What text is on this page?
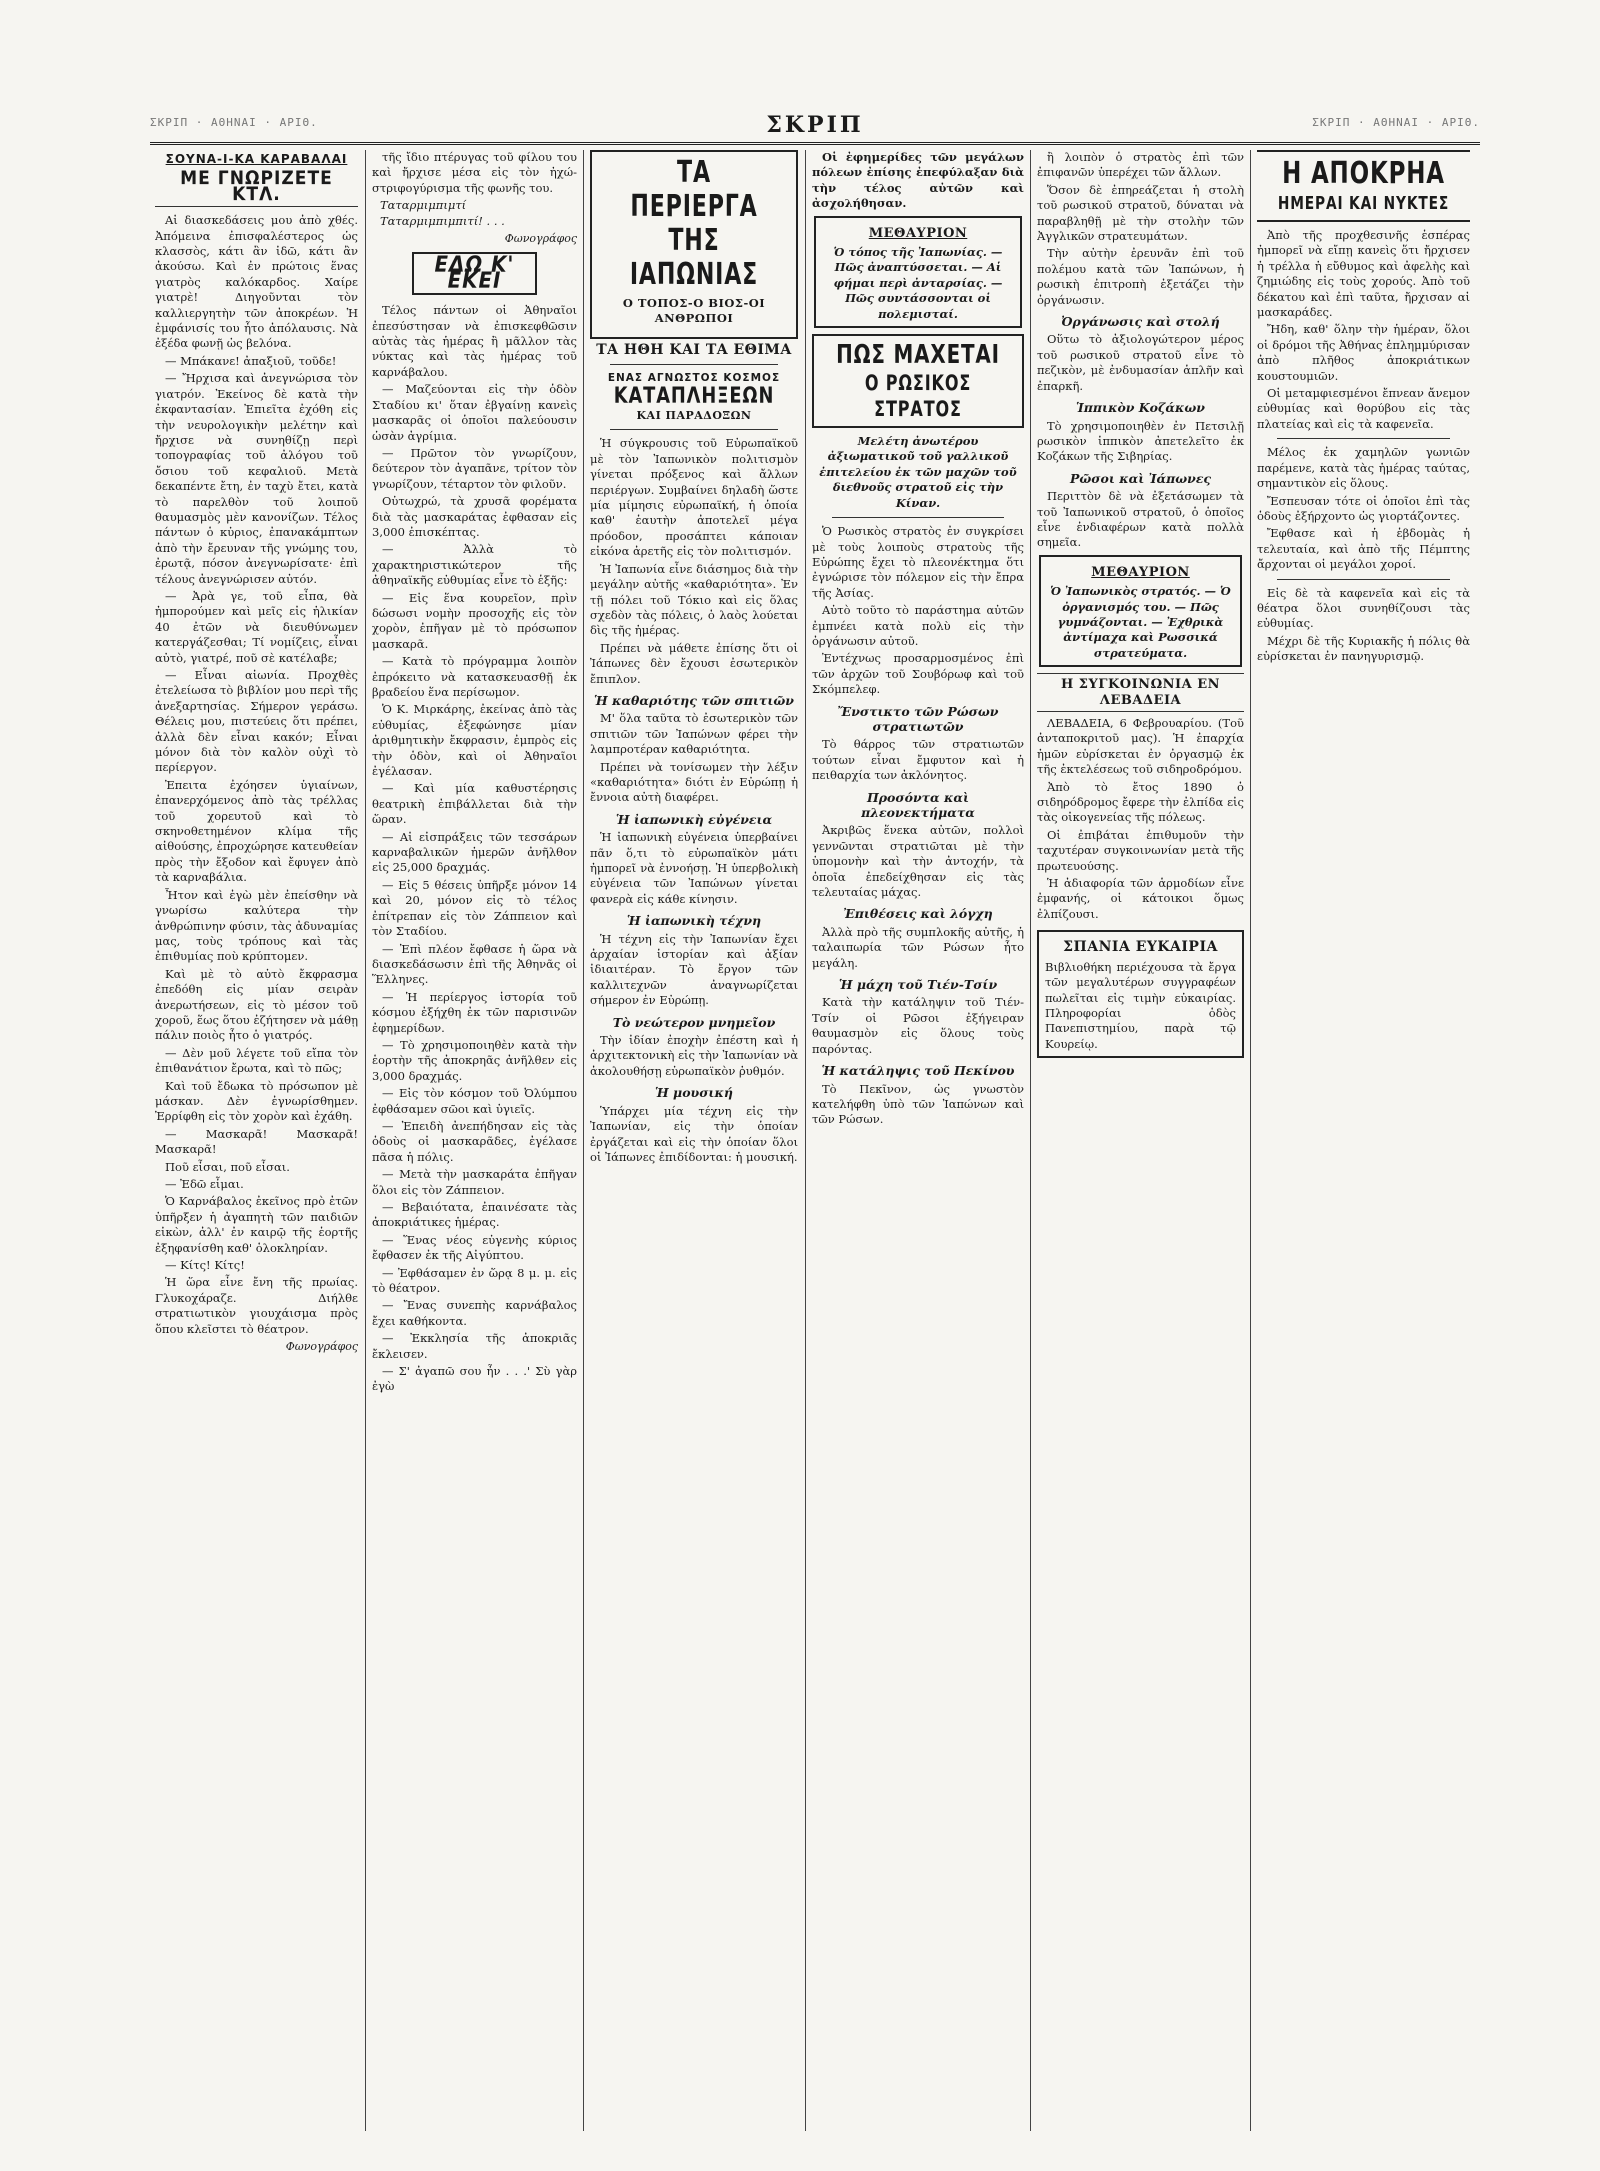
ΣΚΡΙΠ · ΑΘΗΝΑΙ · ΑΡΙΘ.	ΣΚΡΙΠ	ΣΚΡΙΠ · ΑΘΗΝΑΙ · ΑΡΙΘ.
ΣΟΥΝΑ-Ι-ΚΑ ΚΑΡΑΒΑΛΑΙ
ΜΕ ΓΝΩΡΙΖΕΤΕ ΚΤΛ.

Αἱ διασκεδάσεις μου ἀπὸ χθές. Ἀπόμεινα ἐπισφαλέστερος ὡς κλασσὸς, κάτι ἂν ἰδῶ, κάτι ἂν ἀκούσω. Καὶ ἐν πρώτοις ἕνας γιατρὸς καλόκαρδος. Χαίρε γιατρὲ! Διηγοῦνται τὸν καλλιεργητὴν τῶν ἀποκρέων. Ἡ ἐμφάνισίς του ἦτο ἀπόλαυσις. Νὰ ἐξέδα φωνῇ ὡς βελόνα.

— Μπάκανε! ἀπαξιοῦ, τοῦδε!

— Ἤρχισα καὶ ἀνεγνώρισα τὸν γιατρόν. Ἐκείνος δὲ κατὰ τὴν ἐκφαντασίαν. Ἐπιεῖτα ἐχόθη εἰς τὴν νευρολογικὴν μελέτην καὶ ἤρχισε νὰ συνηθίζῃ περὶ τοπογραφίας τοῦ ἀλόγου τοῦ ὄσιου τοῦ κεφαλιοῦ. Μετὰ δεκαπέντε ἔτη, ἐν ταχὺ ἔτει, κατὰ τὸ παρελθὸν τοῦ λοιποῦ θαυμασμὸς μὲν κανονίζων. Τέλος πάντων ὁ κὐριος, ἐπανακάμπτων ἀπὸ τὴν ἔρευναν τῆς γνώμης του, ἐρωτᾷ, πόσον ἀνεγνωρίσατε· ἐπὶ τέλους ἀνεγνώρισεν αὐτόν.

— Ἀρὰ γε, τοῦ εἶπα, θὰ ἠμπορούμεν καὶ μεῖς εἰς ἡλικίαν 40 ἐτῶν νὰ διευθύνωμεν κατεργάζεσθαι; Τί νομίζεις, εἶναι αὐτὸ, γιατρέ, ποῦ σὲ κατέλαβε;

— Εἶναι αἰωνία. Προχθὲς ἐτελείωσα τὸ βιβλίον μου περὶ τῆς ἀνεξαρτησίας. Σήμερον γεράσω. Θέλεις μου, πιστεύεις ὅτι πρέπει, ἀλλὰ δὲν εἶναι κακόν; Εἶναι μόνον διὰ τὸν καλὸν οὐχὶ τὸ περίεργον.

Ἐπειτα ἐχόησεν ὑγιαίνων, ἐπανερχόμενος ἀπὸ τὰς τρέλλας τοῦ χορευτοῦ καὶ τὸ σκηνοθετημένον κλίμα τῆς αἰθούσης, ἐπροχώρησε κατευθείαν πρὸς τὴν ἔξοδον καὶ ἔφυγεν ἀπὸ τὰ καρναβάλια.

Ἦτον καὶ ἐγὼ μὲν ἐπείσθην νὰ γνωρίσω καλύτερα τὴν ἀνθρώπινην φύσιν, τὰς ἀδυναμίας μας, τοὺς τρόπους καὶ τὰς ἐπιθυμίας ποὺ κρύπτομεν.

Καὶ μὲ τὸ αὐτὸ ἔκφρασμα ἐπεδόθη εἰς μίαν σειρὰν ἀνερωτήσεων, εἰς τὸ μέσον τοῦ χοροῦ, ἕως ὅτου ἐζήτησεν νὰ μάθῃ πάλιν ποιὸς ἦτο ὁ γιατρός.

— Δὲν μοῦ λέγετε τοῦ εἴπα τὸν ἐπιθανάτιον ἔρωτα, καὶ τὸ πῶς;

Καὶ τοῦ ἔδωκα τὸ πρόσωπον μὲ μάσκαν. Δὲν ἐγνωρίσθημεν. Ἐρρίφθη εἰς τὸν χορὸν καὶ ἐχάθη.

— Μασκαρᾶ! Μασκαρᾶ! Μασκαρᾶ!

Ποῦ εἶσαι, ποῦ εἶσαι.

— Ἐδῶ εἶμαι.

Ὁ Καρνάβαλος ἐκεῖνος πρὸ ἐτῶν ὑπῆρξεν ἡ ἀγαπητὴ τῶν παιδιῶν εἰκὼν, ἀλλ' ἐν καιρῷ τῆς ἑορτῆς ἐξηφανίσθη καθ' ὁλοκληρίαν.

— Κίτς! Κίτς!

Ἡ ὥρα εἶνε ἔνη τῆς πρωίας. Γλυκοχάραζε. Διήλθε στρατιωτικὸν γιουχάισμα πρὸς ὅπου κλεῖστει τὸ θέατρον.

Φωνογράφος

τῆς ἴδιο πτέρυγας τοῦ φίλου του καὶ ἤρχισε μέσα εἰς τὸν ἠχώ-στριφογύρισμα τῆς φωνῆς του.

Ταταρμιμπιμτί
Ταταρμιμπιμπιτί! . . .
Φωνογράφος
ΕΔΩ Κ' ΕΚΕΙ

Τέλος πάντων οἱ Ἀθηναῖοι ἐπεσύστησαν νὰ ἐπισκεφθῶσιν αὐτὰς τὰς ἡμέρας ἢ μᾶλλον τὰς νύκτας καὶ τὰς ἡμέρας τοῦ καρνάβαλου.

— Μαζεύονται εἰς τὴν ὁδὸν Σταδίου κι' ὅταν ἐβγαίνῃ κανεὶς μασκαρᾶς οἱ ὁποῖοι παλεύουσιν ὡσὰν ἀγρίμια.

— Πρῶτον τὸν γνωρίζουν, δεύτερον τὸν ἀγαπᾶνε, τρίτον τὸν γνωρίζουν, τέταρτον τὸν φιλοῦν.

Οὐτωχρώ, τὰ χρυσᾶ φορέματα διὰ τὰς μασκαράτας ἐφθασαν εἰς 3,000 ἐπισκέπτας.

— Ἀλλὰ τὸ χαρακτηριστικώτερον τῆς ἀθηναϊκῆς εὐθυμίας εἶνε τὸ ἑξῆς:

— Εἰς ἕνα κουρεῖον, πρὶν δώσωσι νομὴν προσοχῆς εἰς τὸν χορὸν, ἐπῆγαν μὲ τὸ πρόσωπον μασκαρᾶ.

— Κατὰ τὸ πρόγραμμα λοιπὸν ἐπρόκειτο νὰ κατασκευασθῇ ἐκ βραδείου ἕνα περίσωμον.

Ὁ Κ. Μιρκάρης, ἐκείνας ἀπὸ τὰς εὐθυμίας, ἐξεφώνησε μίαν ἀριθμητικὴν ἔκφρασιν, ἐμπρὸς εἰς τὴν ὁδὸν, καὶ οἱ Ἀθηναῖοι ἐγέλασαν.

— Καὶ μία καθυστέρησις θεατρικὴ ἐπιβάλλεται διὰ τὴν ὥραν.

— Αἱ εἰσπράξεις τῶν τεσσάρων καρναβαλικῶν ἡμερῶν ἀνῆλθον εἰς 25,000 δραχμάς.

— Εἰς 5 θέσεις ὑπῆρξε μόνον 14 καὶ 20, μόνον εἰς τὸ τέλος ἐπίτρεπαν εἰς τὸν Ζάππειον καὶ τὸν Σταδίου.

— Ἐπὶ πλέον ἔφθασε ἡ ὥρα νὰ διασκεδάσωσιν ἐπὶ τῆς Ἀθηνᾶς οἱ Ἕλληνες.

— Ἡ περίεργος ἱστορία τοῦ κόσμου ἐξήχθη ἐκ τῶν παρισινῶν ἐφημερίδων.

— Τὸ χρησιμοποιηθὲν κατὰ τὴν ἑορτὴν τῆς ἀποκρηᾶς ἀνῆλθεν εἰς 3,000 δραχμάς.

— Εἰς τὸν κόσμον τοῦ Ὀλύμπου ἐφθάσαμεν σῶοι καὶ ὑγιεῖς.

— Ἐπειδὴ ἀνεπήδησαν εἰς τὰς ὁδοὺς οἱ μασκαρᾶδες, ἐγέλασε πᾶσα ἡ πόλις.

— Μετὰ τὴν μασκαράτα ἐπῆγαν ὅλοι εἰς τὸν Ζάππειον.

— Βεβαιότατα, ἐπαινέσατε τὰς ἀποκριάτικες ἡμέρας.

— Ἕνας νέος εὐγενὴς κύριος ἔφθασεν ἐκ τῆς Αἰγύπτου.

— Ἐφθάσαμεν ἐν ὥρᾳ 8 μ. μ. εἰς τὸ θέατρον.

— Ἔνας συνεπὴς καρνάβαλος ἔχει καθήκοντα.

— Ἐκκλησία τῆς ἀποκριᾶς ἔκλεισεν.

— Σ' ἀγαπῶ σου ἦν . . .' Σὺ γὰρ ἐγὼ

ΤΑ ΠΕΡΙΕΡΓΑ
ΤΗΣ ΙΑΠΩΝΙΑΣ
Ο ΤΟΠΟΣ-Ο ΒΙΟΣ-ΟΙ ΑΝΘΡΩΠΟΙ
ΤΑ ΗΘΗ ΚΑΙ ΤΑ ΕΘΙΜΑ
ΕΝΑΣ ΑΓΝΩΣΤΟΣ ΚΟΣΜΟΣ
ΚΑΤΑΠΛΗΞΕΩΝ
ΚΑΙ ΠΑΡΑΔΟΞΩΝ

Ἡ σύγκρουσις τοῦ Εὐρωπαϊκοῦ μὲ τὸν Ἰαπωνικὸν πολιτισμὸν γίνεται πρόξενος καὶ ἄλλων περιέργων. Συμβαίνει δηλαδὴ ὥστε μία μίμησις εὐρωπαϊκή, ἡ ὁποία καθ' ἑαυτὴν ἀποτελεῖ μέγα πρόοδον, προσάπτει κάποιαν εἰκόνα ἀρετῆς εἰς τὸν πολιτισμόν.

Ἡ Ἰαπωνία εἶνε διάσημος διὰ τὴν μεγάλην αὐτῆς «καθαριότητα». Ἐν τῇ πόλει τοῦ Τόκιο καὶ εἰς ὅλας σχεδὸν τὰς πόλεις, ὁ λαὸς λούεται δὶς τῆς ἡμέρας.

Πρέπει νὰ μάθετε ἐπίσης ὅτι οἱ Ἰάπωνες δὲν ἔχουσι ἐσωτερικὸν ἔπιπλον.

Ἡ καθαριότης τῶν σπιτιῶν

Μ' ὅλα ταῦτα τὸ ἐσωτερικὸν τῶν σπιτιῶν τῶν Ἰαπώνων φέρει τὴν λαμπροτέραν καθαριότητα.

Πρέπει νὰ τονίσωμεν τὴν λέξιν «καθαριότητα» διότι ἐν Εὐρώπῃ ἡ ἔννοια αὐτὴ διαφέρει.

Ἡ ἰαπωνικὴ εὐγένεια

Ἡ ἰαπωνικὴ εὐγένεια ὑπερβαίνει πᾶν ὅ,τι τὸ εὐρωπαϊκὸν μάτι ἠμπορεῖ νὰ ἐννοήσῃ. Ἡ ὑπερβολικὴ εὐγένεια τῶν Ἰαπώνων γίνεται φανερὰ εἰς κάθε κίνησιν.

Ἡ ἰαπωνικὴ τέχνη

Ἡ τέχνη εἰς τὴν Ἰαπωνίαν ἔχει ἀρχαίαν ἱστορίαν καὶ ἀξίαν ἰδιαιτέραν. Τὸ ἔργον τῶν καλλιτεχνῶν ἀναγνωρίζεται σήμερον ἐν Εὐρώπῃ.

Τὸ νεώτερον μνημεῖον

Τὴν ἰδίαν ἐποχὴν ἐπέστη καὶ ἡ ἀρχιτεκτονικὴ εἰς τὴν Ἰαπωνίαν νὰ ἀκολουθήσῃ εὐρωπαϊκὸν ῥυθμόν.

Ἡ μουσική

Ὑπάρχει μία τέχνη εἰς τὴν Ἰαπωνίαν, εἰς τὴν ὁποίαν ἐργάζεται καὶ εἰς τὴν ὁποίαν ὅλοι οἱ Ἰάπωνες ἐπιδίδονται: ἡ μουσική.

Οἱ ἐφημερίδες τῶν μεγάλων πόλεων ἐπίσης ἐπεφύλαξαν διὰ τὴν τέλος αὐτῶν καὶ ἀσχολήθησαν.

ΜΕΘΑΥΡΙΟΝ
Ὁ τόπος τῆς Ἰαπωνίας. — Πῶς ἀναπτύσσεται. — Αἱ φήμαι περὶ ἀνταρσίας. — Πῶς συντάσσονται οἱ πολεμισταί.
ΠΩΣ ΜΑΧΕΤΑΙ
Ο ΡΩΣΙΚΟΣ ΣΤΡΑΤΟΣ
Μελέτη ἀνωτέρου ἀξιωματικοῦ τοῦ γαλλικοῦ ἐπιτελείου ἐκ τῶν μαχῶν τοῦ διεθνοῦς στρατοῦ εἰς τὴν Κίναν.

Ὁ Ρωσικὸς στρατὸς ἐν συγκρίσει μὲ τοὺς λοιποὺς στρατοὺς τῆς Εὐρώπης ἔχει τὸ πλεονέκτημα ὅτι ἐγνώρισε τὸν πόλεμον εἰς τὴν ἔπρα τῆς Ἀσίας.

Αὐτὸ τοῦτο τὸ παράστημα αὐτῶν ἐμπνέει κατὰ πολὺ εἰς τὴν ὀργάνωσιν αὐτοῦ.

Ἐντέχνως προσαρμοσμένος ἐπὶ τῶν ἀρχῶν τοῦ Σουβόρωφ καὶ τοῦ Σκόμπελεφ.

Ἔνστικτο τῶν Ρώσων στρατιωτῶν

Τὸ θάρρος τῶν στρατιωτῶν τούτων εἶναι ἔμφυτον καὶ ἡ πειθαρχία των ἀκλόνητος.

Προσόντα καὶ πλεονεκτήματα

Ἀκριβῶς ἕνεκα αὐτῶν, πολλοὶ γεννῶνται στρατιῶται μὲ τὴν ὑπομονὴν καὶ τὴν ἀντοχήν, τὰ ὁποῖα ἐπεδείχθησαν εἰς τὰς τελευταίας μάχας.

Ἐπιθέσεις καὶ λόγχη

Ἀλλὰ πρὸ τῆς συμπλοκῆς αὐτῆς, ἡ ταλαιπωρία τῶν Ρώσων ἦτο μεγάλη.

Ἡ μάχη τοῦ Τιέν-Τσίν

Κατὰ τὴν κατάληψιν τοῦ Τιέν-Τσίν οἱ Ρῶσοι ἐξήγειραν θαυμασμὸν εἰς ὅλους τοὺς παρόντας.

Ἡ κατάληψις τοῦ Πεκίνου

Τὸ Πεκῖνον, ὡς γνωστὸν κατελήφθη ὑπὸ τῶν Ἰαπώνων καὶ τῶν Ρώσων.

ἢ λοιπὸν ὁ στρατὸς ἐπὶ τῶν ἐπιφανῶν ὑπερέχει τῶν ἄλλων.

Ὅσον δὲ ἐπηρεάζεται ἡ στολὴ τοῦ ρωσικοῦ στρατοῦ, δύναται νὰ παραβληθῇ μὲ τὴν στολὴν τῶν Ἀγγλικῶν στρατευμάτων.

Τὴν αὐτὴν ἐρευνᾶν ἐπὶ τοῦ πολέμου κατὰ τῶν Ἰαπώνων, ἡ ρωσικὴ ἐπιτροπὴ ἐξετάζει τὴν ὀργάνωσιν.

Ὀργάνωσις καὶ στολή

Οὕτω τὸ ἀξιολογώτερον μέρος τοῦ ρωσικοῦ στρατοῦ εἶνε τὸ πεζικὸν, μὲ ἐνδυμασίαν ἁπλῆν καὶ ἐπαρκῆ.

Ἱππικὸν Κοζάκων

Τὸ χρησιμοποιηθὲν ἐν Πετσιλῇ ρωσικὸν ἱππικὸν ἀπετελεῖτο ἐκ Κοζάκων τῆς Σιβηρίας.

Ρῶσοι καὶ Ἰάπωνες

Περιττὸν δὲ νὰ ἐξετάσωμεν τὰ τοῦ Ἰαπωνικοῦ στρατοῦ, ὁ ὁποῖος εἶνε ἐνδιαφέρων κατὰ πολλὰ σημεῖα.

ΜΕΘΑΥΡΙΟΝ
Ὁ Ἰαπωνικὸς στρατός. — Ὁ ὀργανισμός του. — Πῶς γυμνάζονται. — Ἐχθρικὰ ἀντίμαχα καὶ Ρωσσικά στρατεύματα.
Η ΣΥΓΚΟΙΝΩΝΙΑ ΕΝ ΛΕΒΑΔΕΙΑ

ΛΕΒΑΔΕΙΑ, 6 Φεβρουαρίου. (Τοῦ ἀνταποκριτοῦ μας). Ἡ ἐπαρχία ἡμῶν εὑρίσκεται ἐν ὀργασμῷ ἐκ τῆς ἐκτελέσεως τοῦ σιδηροδρόμου.

Ἀπὸ τὸ ἔτος 1890 ὁ σιδηρόδρομος ἔφερε τὴν ἐλπίδα εἰς τὰς οἰκογενείας τῆς πόλεως.

Οἱ ἐπιβάται ἐπιθυμοῦν τὴν ταχυτέραν συγκοινωνίαν μετὰ τῆς πρωτευούσης.

Ἡ ἀδιαφορία τῶν ἁρμοδίων εἶνε ἐμφανής, οἱ κάτοικοι ὅμως ἐλπίζουσι.

ΣΠΑΝΙΑ ΕΥΚΑΙΡΙΑ
Βιβλιοθήκη περιέχουσα τὰ ἔργα τῶν μεγαλυτέρων συγγραφέων πωλεῖται εἰς τιμὴν εὐκαιρίας. Πληροφορίαι ὁδὸς Πανεπιστημίου, παρὰ τῷ Κουρείῳ.
Η ΑΠΟΚΡΗΑ
ΗΜΕΡΑΙ ΚΑΙ ΝΥΚΤΕΣ

Ἀπὸ τῆς προχθεσινῆς ἑσπέρας ἠμπορεῖ νὰ εἴπῃ κανεὶς ὅτι ἤρχισεν ἡ τρέλλα ἡ εὔθυμος καὶ ἀφελὴς καὶ ζημιώδης εἰς τοὺς χορούς. Ἀπὸ τοῦ δέκατου καὶ ἐπὶ ταῦτα, ἤρχισαν αἱ μασκαράδες.

Ἤδη, καθ' ὅλην τὴν ἡμέραν, ὅλοι οἱ δρόμοι τῆς Ἀθήνας ἐπλημμύρισαν ἀπὸ πλῆθος ἀποκριάτικων κουστουμιῶν.

Οἱ μεταμφιεσμένοι ἔπνεαν ἄνεμον εὐθυμίας καὶ θορύβου εἰς τὰς πλατείας καὶ εἰς τὰ καφενεῖα.

Μέλος ἐκ χαμηλῶν γωνιῶν παρέμενε, κατὰ τὰς ἡμέρας ταύτας, σημαντικὸν εἰς ὅλους.

Ἔσπευσαν τότε οἱ ὁποῖοι ἐπὶ τὰς ὁδοὺς ἐξήρχοντο ὡς γιορτάζοντες.

Ἔφθασε καὶ ἡ ἑβδομὰς ἡ τελευταία, καὶ ἀπὸ τῆς Πέμπτης ἄρχονται οἱ μεγάλοι χοροί.

Εἰς δὲ τὰ καφενεῖα καὶ εἰς τὰ θέατρα ὅλοι συνηθίζουσι τὰς εὐθυμίας.

Μέχρι δὲ τῆς Κυριακῆς ἡ πόλις θὰ εὑρίσκεται ἐν πανηγυρισμῷ.
